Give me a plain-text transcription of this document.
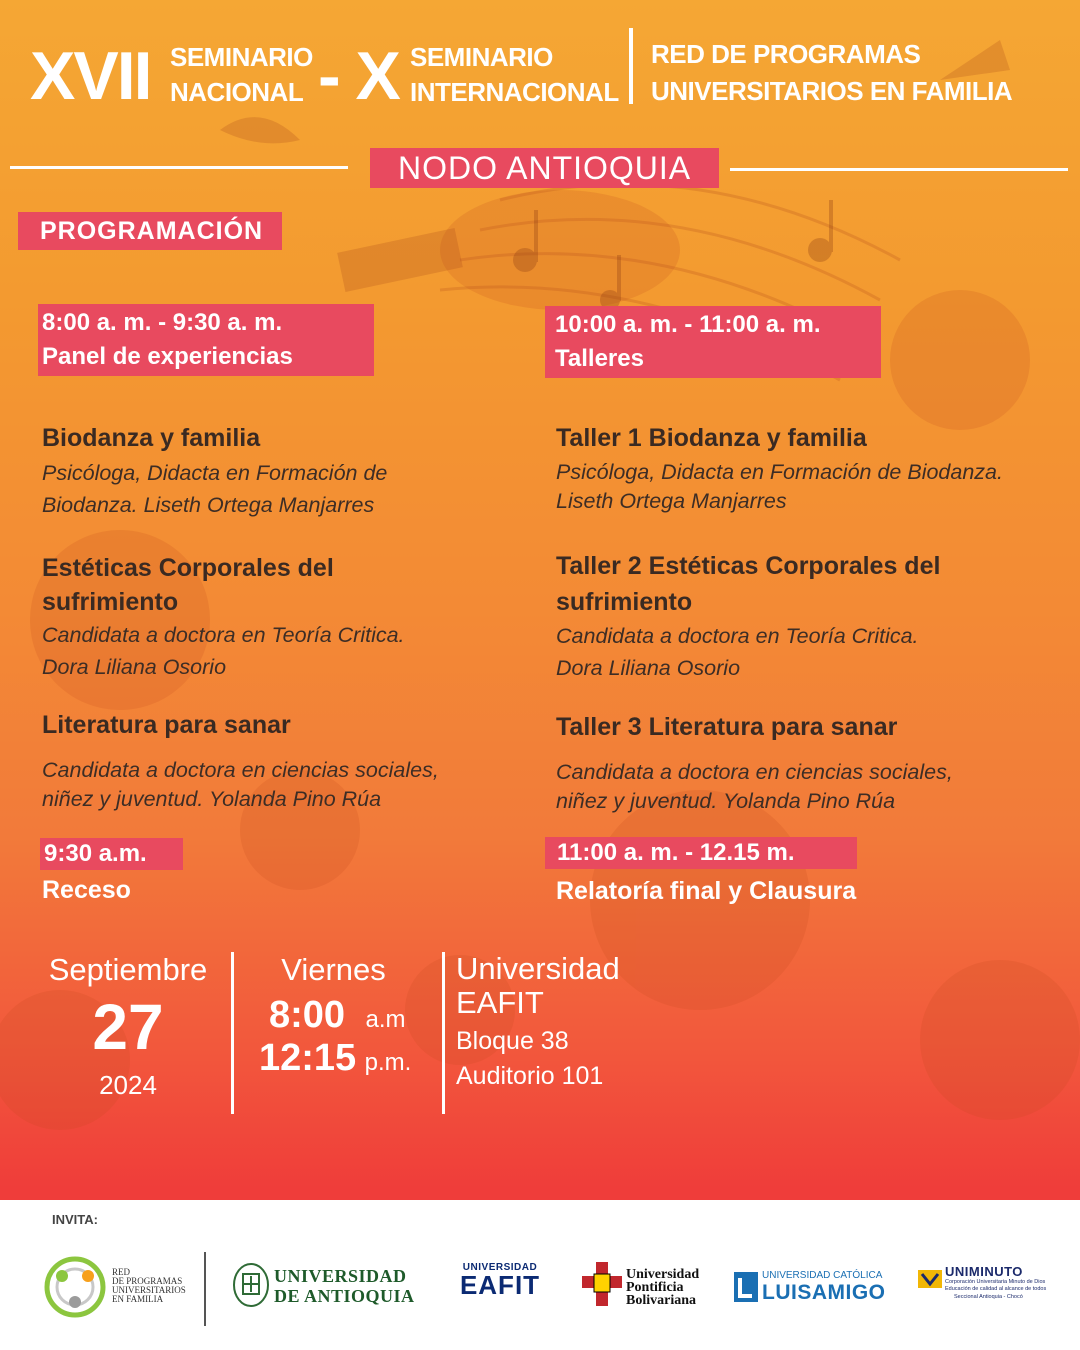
XVII SEMINARIO
NACIONAL - X SEMINARIO
INTERNACIONAL
RED DE PROGRAMAS
UNIVERSITARIOS EN FAMILIA
NODO ANTIOQUIA
PROGRAMACIÓN
8:00 a. m. - 9:30 a. m.
Panel de experiencias
Biodanza y familia
Psicóloga, Didacta en Formación de
Biodanza. Liseth Ortega Manjarres
Estéticas Corporales del
sufrimiento
Candidata a doctora en Teoría Critica.
Dora Liliana Osorio
Literatura para sanar
Candidata a doctora en ciencias sociales,
niñez y juventud. Yolanda Pino Rúa
9:30 a.m.
Receso
10:00 a. m. - 11:00 a. m.
Talleres
Taller 1 Biodanza y familia
Psicóloga, Didacta en Formación de Biodanza.
Liseth Ortega Manjarres
Taller 2 Estéticas Corporales del
sufrimiento
Candidata a doctora en Teoría Critica.
Dora Liliana Osorio
Taller 3 Literatura para sanar
Candidata a doctora en ciencias sociales,
niñez y juventud. Yolanda Pino Rúa
11:00 a. m. - 12.15 m.
Relatoría final y Clausura
Septiembre
27
2024
Viernes
8:00 a.m
12:15 p.m.
Universidad
EAFIT
Bloque 38
Auditorio 101
INVITA:
RED
DE PROGRAMAS
UNIVERSITARIOS
EN FAMILIA
UNIVERSIDAD
DE ANTIOQUIA
UNIVERSIDAD
EAFIT	Universidad
Pontificia
Bolivariana
UNIVERSIDAD CATÓLICA
LUISAMIGO
UNIMINUTO
Corporación Universitaria Minuto de Dios
Educación de calidad al alcance de todos
Seccional Antioquia - Chocó
